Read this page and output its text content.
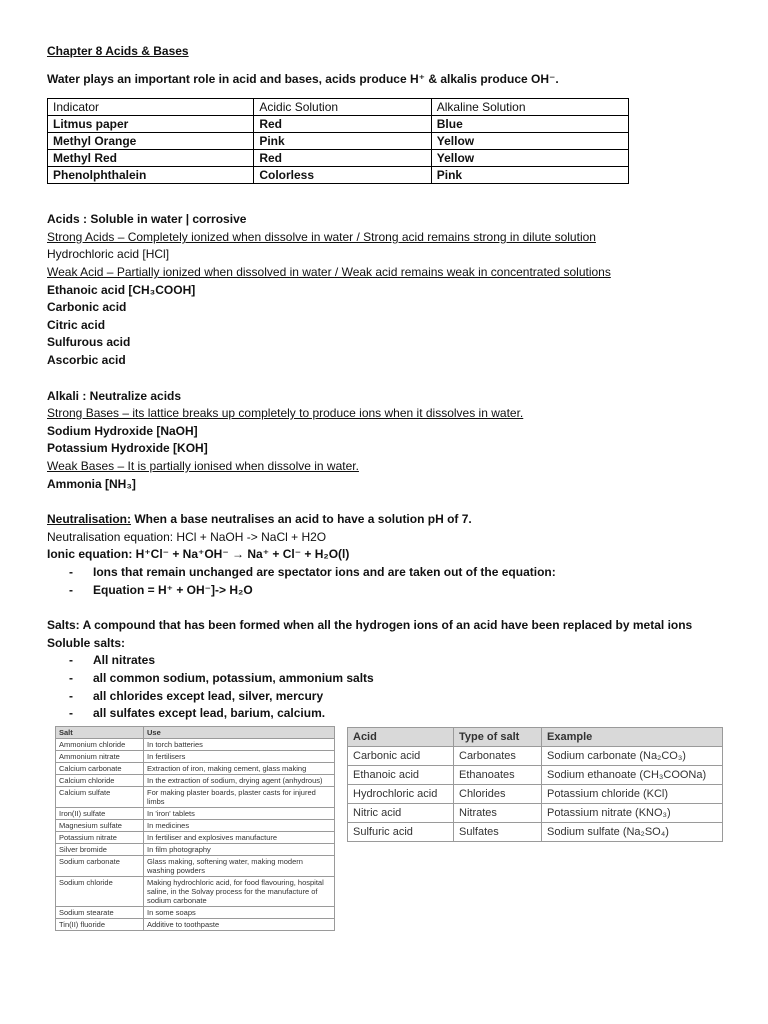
Chapter 8 Acids & Bases
Water plays an important role in acid and bases, acids produce H⁺ & alkalis produce OH⁻.
Indicator	Acidic Solution	Alkaline Solution
Litmus paper	Red	Blue
Methyl Orange	Pink	Yellow
Methyl Red	Red	Yellow
Phenolphthalein	Colorless	Pink
Acids : Soluble in water | corrosive
Strong Acids – Completely ionized when dissolve in water / Strong acid remains strong in dilute solution
Hydrochloric acid [HCl]
Weak Acid – Partially ionized when dissolved in water / Weak acid remains weak in concentrated solutions
Ethanoic acid [CH₃COOH]
Carbonic acid
Citric acid
Sulfurous acid
Ascorbic acid
Alkali : Neutralize acids
Strong Bases – its lattice breaks up completely to produce ions when it dissolves in water.
Sodium Hydroxide [NaOH]
Potassium Hydroxide [KOH]
Weak Bases – It is partially ionised when dissolve in water.
Ammonia [NH₃]
Neutralisation: When a base neutralises an acid to have a solution pH of 7.
Neutralisation equation: HCl + NaOH -> NaCl + H2O
Ionic equation: H⁺Cl⁻ + Na⁺OH⁻ → Na⁺ + Cl⁻ + H₂O(l)
- Ions that remain unchanged are spectator ions and are taken out of the equation:
- Equation = H⁺ + OH⁻]-> H₂O
Salts: A compound that has been formed when all the hydrogen ions of an acid have been replaced by metal ions
Soluble salts:
- All nitrates
- all common sodium, potassium, ammonium salts
- all chlorides except lead, silver, mercury
- all sulfates except lead, barium, calcium.
Salt	Use
Ammonium chloride	In torch batteries
Ammonium nitrate	In fertilisers
Calcium carbonate	Extraction of iron, making cement, glass making
Calcium chloride	In the extraction of sodium, drying agent (anhydrous)
Calcium sulfate	For making plaster boards, plaster casts for injured limbs
Iron(II) sulfate	In 'iron' tablets
Magnesium sulfate	In medicines
Potassium nitrate	In fertiliser and explosives manufacture
Silver bromide	In film photography
Sodium carbonate	Glass making, softening water, making modern washing powders
Sodium chloride	Making hydrochloric acid, for food flavouring, hospital saline, in the Solvay process for the manufacture of sodium carbonate
Sodium stearate	In some soaps
Tin(II) fluoride	Additive to toothpaste
Acid	Type of salt	Example
Carbonic acid	Carbonates	Sodium carbonate (Na₂CO₃)
Ethanoic acid	Ethanoates	Sodium ethanoate (CH₃COONa)
Hydrochloric acid	Chlorides	Potassium chloride (KCl)
Nitric acid	Nitrates	Potassium nitrate (KNO₃)
Sulfuric acid	Sulfates	Sodium sulfate (Na₂SO₄)
